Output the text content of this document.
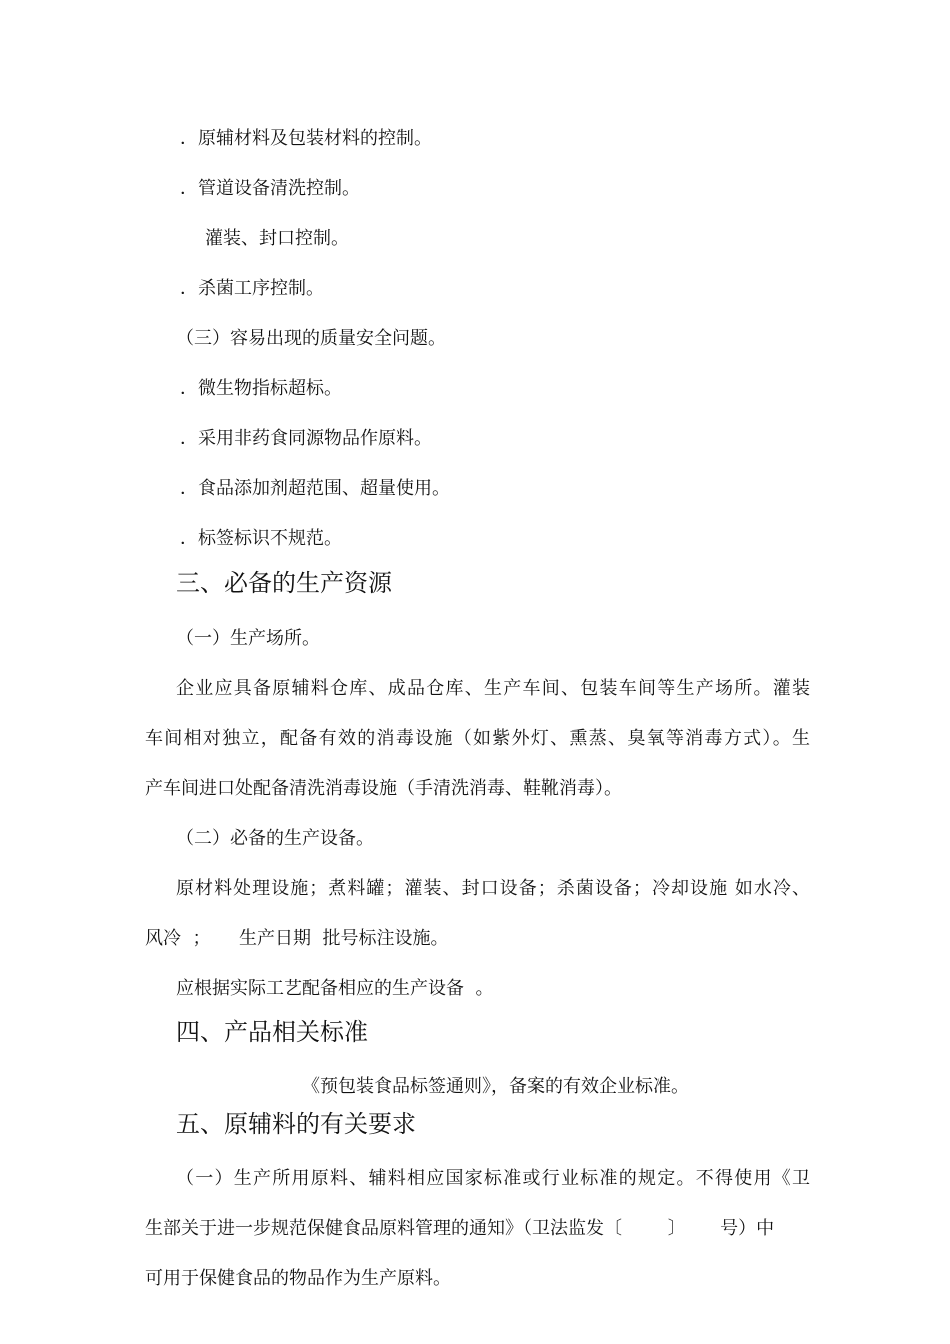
．原辅材料及包装材料的控制。
．管道设备清洗控制。
灌装、封口控制。
．杀菌工序控制。
（三）容易出现的质量安全问题。
．微生物指标超标。
．采用非药食同源物品作原料。
．食品添加剂超范围、超量使用。
．标签标识不规范。
三、必备的生产资源
（一）生产场所。
企业应具备原辅料仓库、成品仓库、生产车间、包装车间等生产场所。灌装
车间相对独立，配备有效的消毒设施（如紫外灯、熏蒸、臭氧等消毒方式）。生
产车间进口处配备清洗消毒设施（手清洗消毒、鞋靴消毒）。
（二）必备的生产设备。
原材料处理设施；煮料罐；灌装、封口设备；杀菌设备；冷却设施 如水冷、
风冷  ；     生产日期  批号标注设施。
应根据实际工艺配备相应的生产设备  。
四、产品相关标准
《预包装食品标签通则》，备案的有效企业标准。
五、原辅料的有关要求
（一）生产所用原料、辅料相应国家标准或行业标准的规定。不得使用《卫
生部关于进一步规范保健食品原料管理的通知》（卫法监发〔        〕      号）中
可用于保健食品的物品作为生产原料。
